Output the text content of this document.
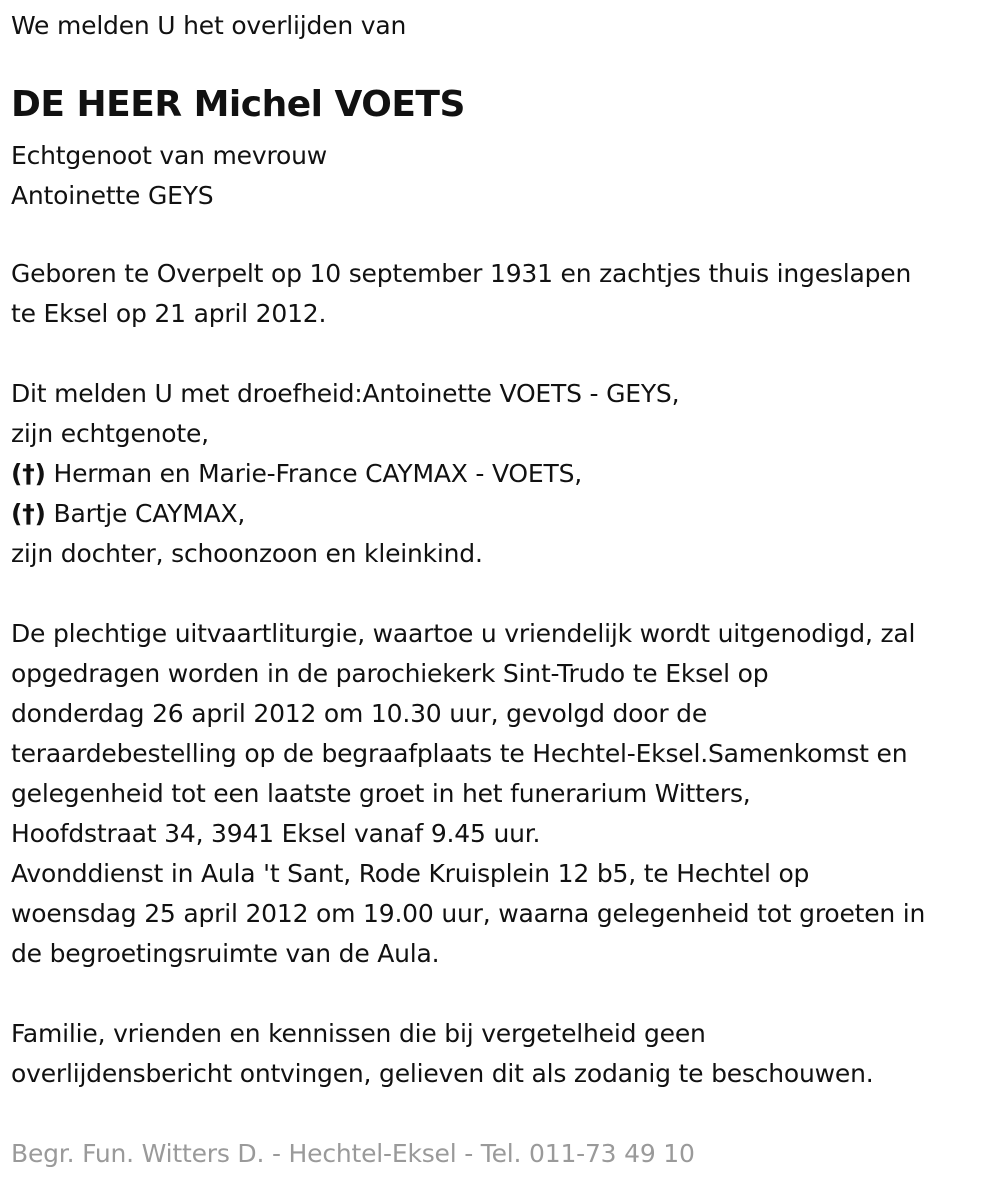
We melden U het overlijden van
DE HEER Michel VOETS
Echtgenoot van mevrouw
Antoinette GEYS
Geboren te Overpelt op 10 september 1931 en zachtjes thuis ingeslapen
te Eksel op 21 april 2012.
Dit melden U met droefheid:Antoinette VOETS - GEYS,
zijn echtgenote,
(†) Herman en Marie-France CAYMAX - VOETS,
(†) Bartje CAYMAX,
zijn dochter, schoonzoon en kleinkind.
De plechtige uitvaartliturgie, waartoe u vriendelijk wordt uitgenodigd, zal
opgedragen worden in de parochiekerk Sint-Trudo te Eksel op
donderdag 26 april 2012 om 10.30 uur, gevolgd door de
teraardebestelling op de begraafplaats te Hechtel-Eksel.Samenkomst en
gelegenheid tot een laatste groet in het funerarium Witters,
Hoofdstraat 34, 3941 Eksel vanaf 9.45 uur.
Avonddienst in Aula 't Sant, Rode Kruisplein 12 b5, te Hechtel op
woensdag 25 april 2012 om 19.00 uur, waarna gelegenheid tot groeten in
de begroetingsruimte van de Aula.
Familie, vrienden en kennissen die bij vergetelheid geen
overlijdensbericht ontvingen, gelieven dit als zodanig te beschouwen.
Begr. Fun. Witters D. - Hechtel-Eksel - Tel. 011-73 49 10
